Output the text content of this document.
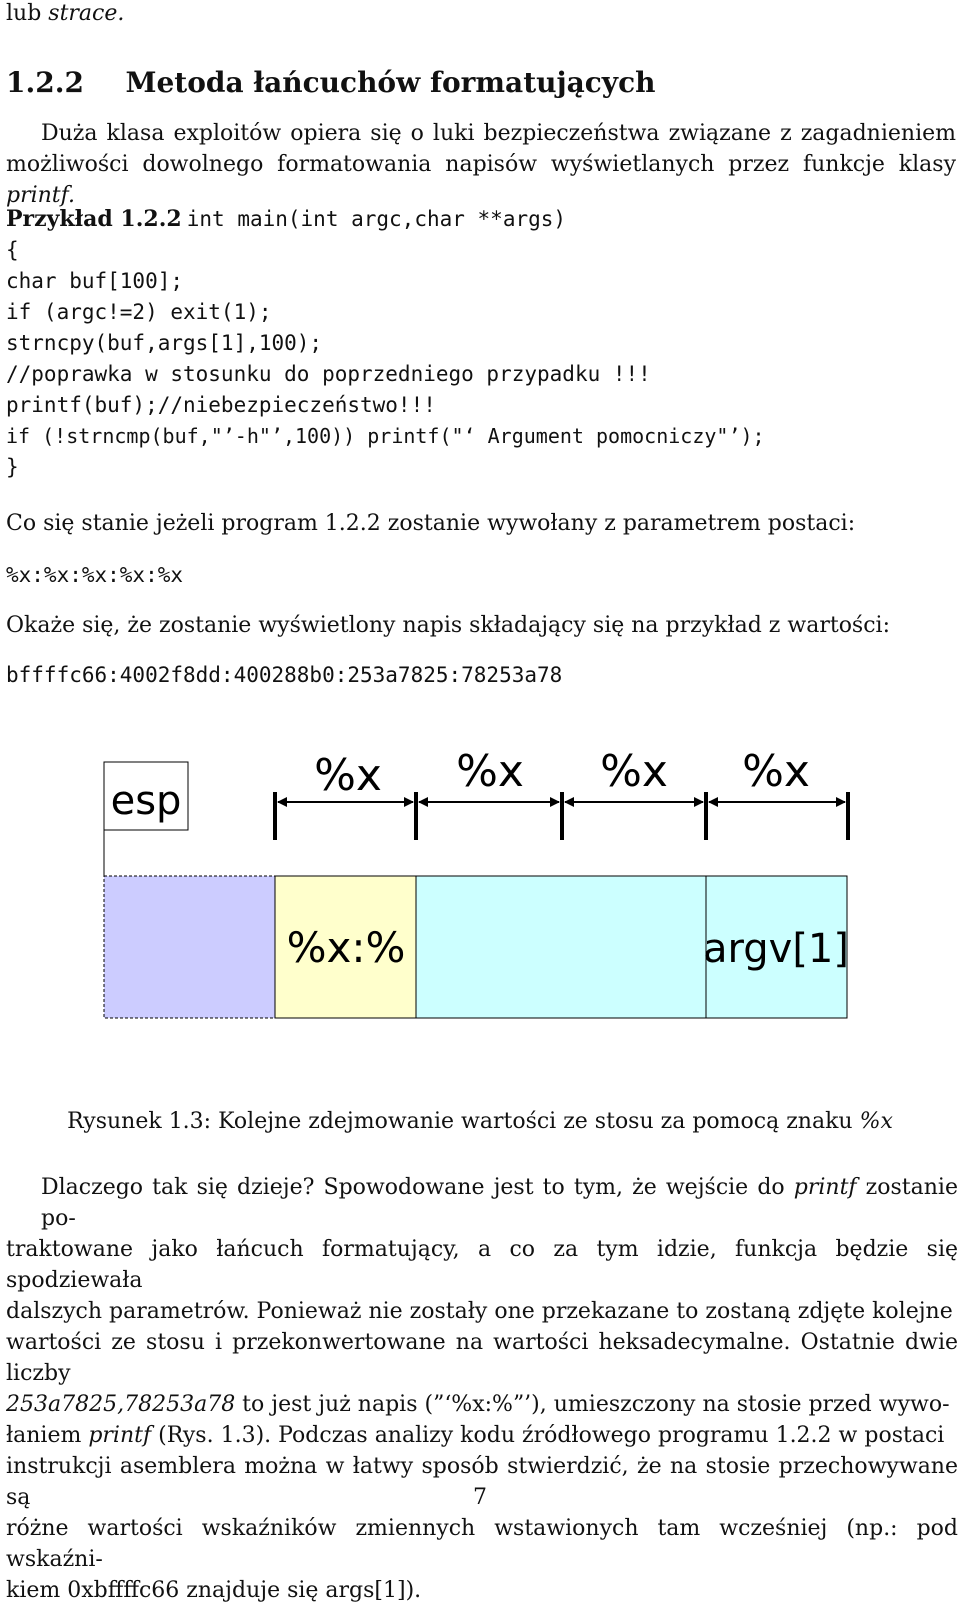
lub strace.
1.2.2 Metoda łańcuchów formatujących
Duża klasa exploitów opiera się o luki bezpieczeństwa związane z zagadnieniem możliwości dowolnego formatowania napisów wyświetlanych przez funkcje klasy printf.
Przykład 1.2.2 int main(int argc,char **args)
{
char buf[100];
if (argc!=2) exit(1);
strncpy(buf,args[1],100);
//poprawka w stosunku do poprzedniego przypadku !!!
printf(buf);//niebezpieczeństwo!!!
if (!strncmp(buf,"’-h"’,100)) printf("‘ Argument pomocniczy"’);
}
Co się stanie jeżeli program 1.2.2 zostanie wywołany z parametrem postaci:
%x:%x:%x:%x:%x
Okaże się, że zostanie wyświetlony napis składający się na przykład z wartości:
bffffc66:4002f8dd:400288b0:253a7825:78253a78
esp
%x:%	argv[1]
%x %x %x %x
Rysunek 1.3: Kolejne zdejmowanie wartości ze stosu za pomocą znaku %x
Dlaczego tak się dzieje? Spowodowane jest to tym, że wejście do printf zostanie po-
traktowane jako łańcuch formatujący, a co za tym idzie, funkcja będzie się spodziewała
dalszych parametrów. Ponieważ nie zostały one przekazane to zostaną zdjęte kolejne
wartości ze stosu i przekonwertowane na wartości heksadecymalne. Ostatnie dwie liczby
253a7825,78253a78 to jest już napis (”‘%x:%”’), umieszczony na stosie przed wywo-
łaniem printf (Rys. 1.3). Podczas analizy kodu źródłowego programu 1.2.2 w postaci
instrukcji asemblera można w łatwy sposób stwierdzić, że na stosie przechowywane są
różne wartości wskaźników zmiennych wstawionych tam wcześniej (np.: pod wskaźni-
kiem 0xbffffc66 znajduje się args[1]).
7
